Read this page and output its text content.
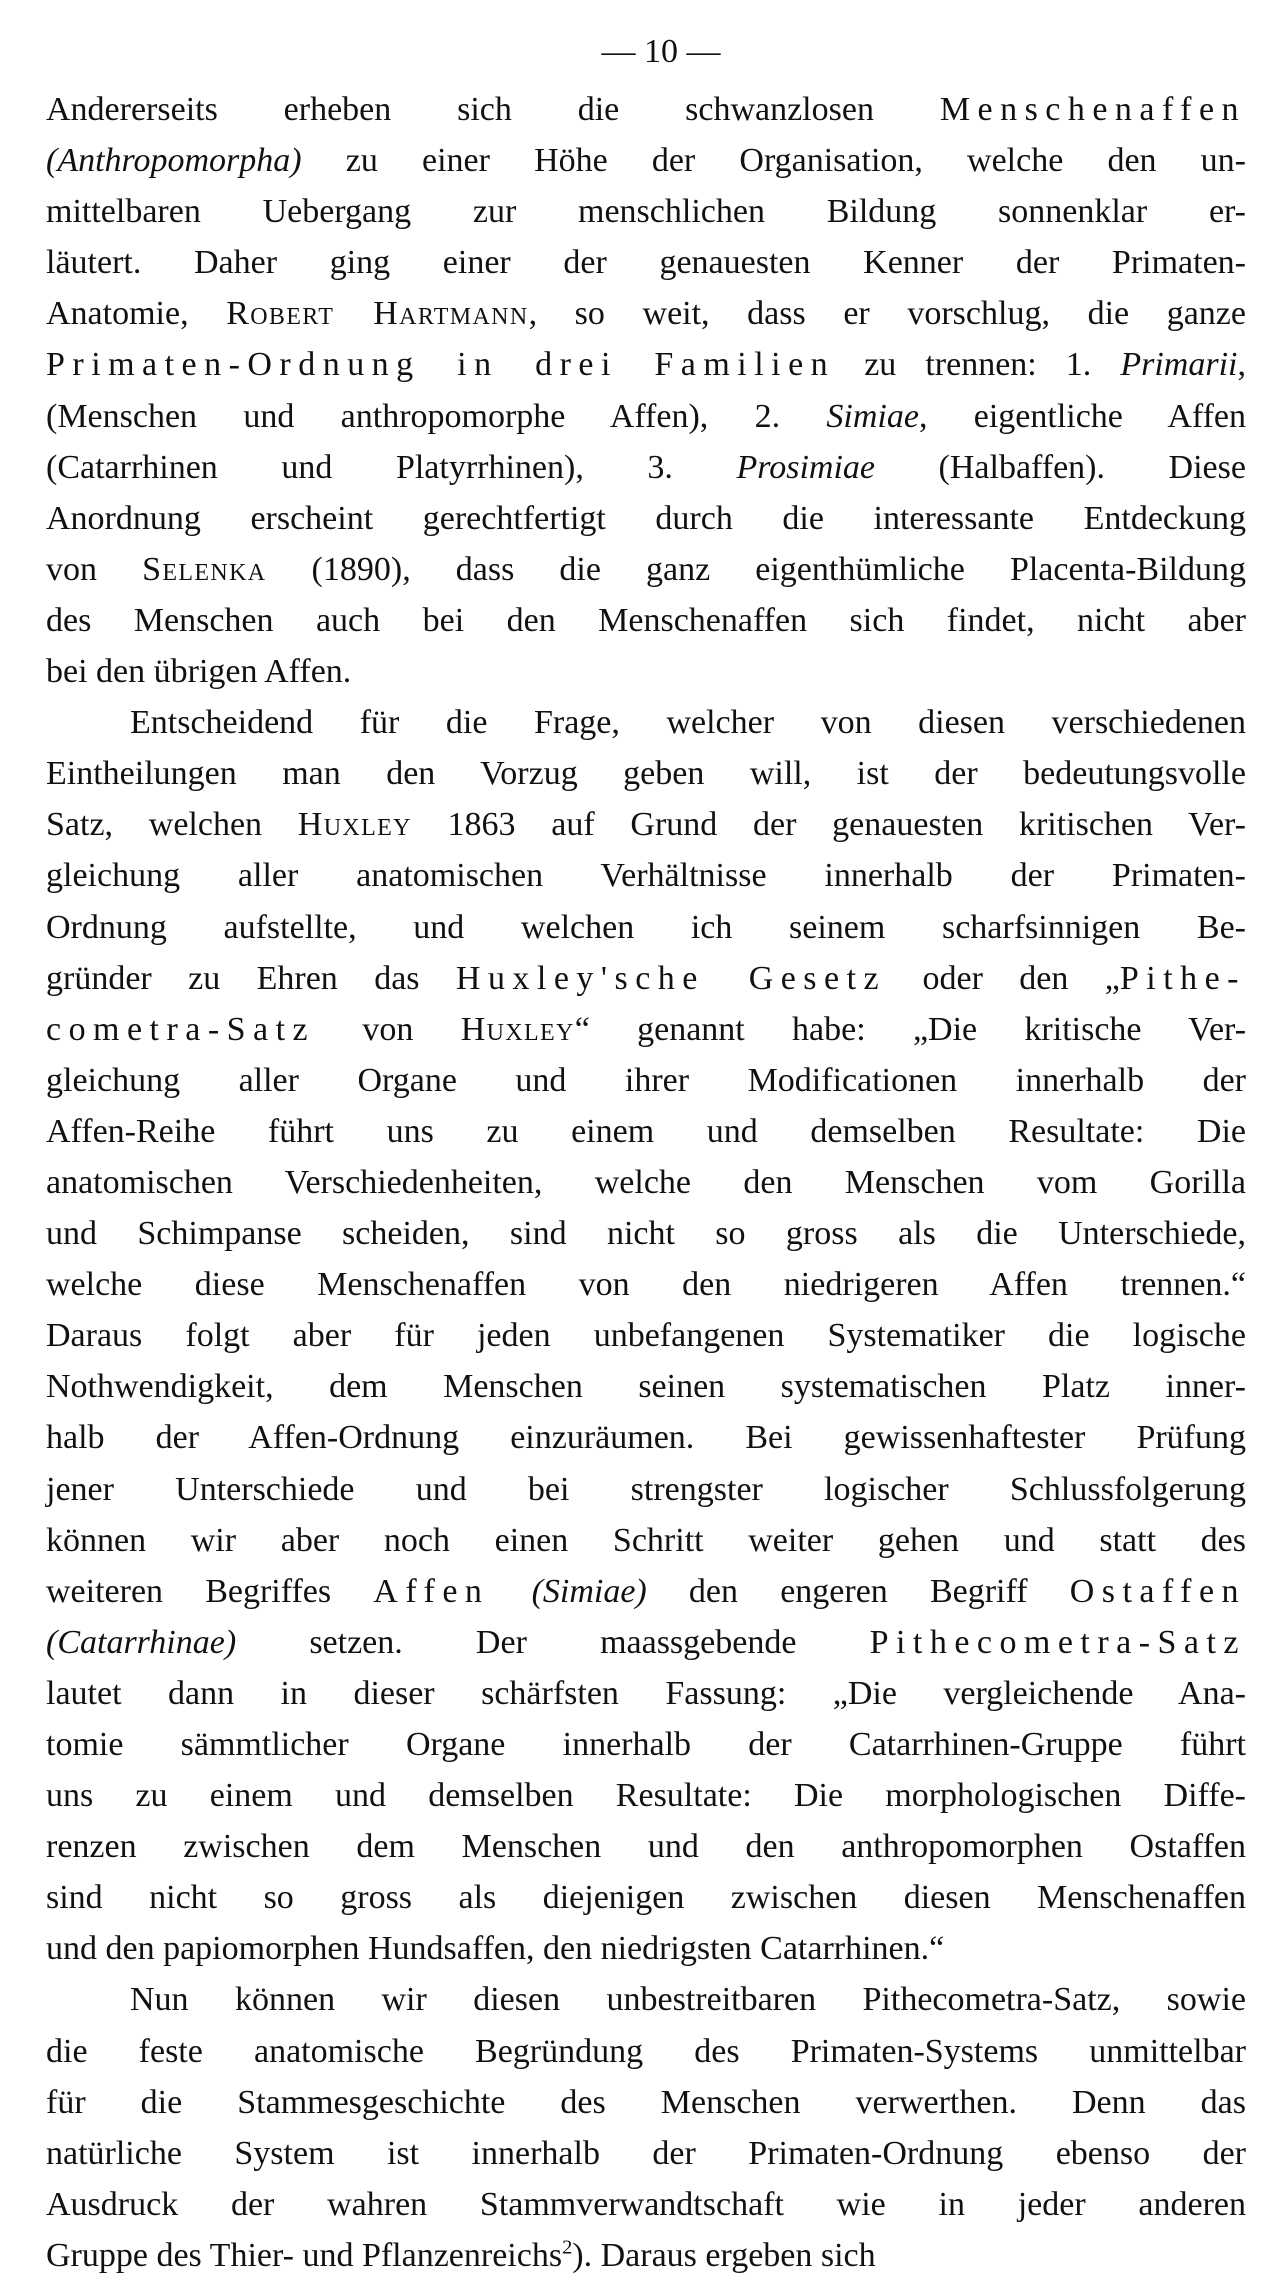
— 10 —
Andererseits erheben sich die schwanzlosen Menschenaffen
(Anthropomorpha) zu einer Höhe der Organisation, welche den un-
mittelbaren Uebergang zur menschlichen Bildung sonnenklar er-
läutert. Daher ging einer der genauesten Kenner der Primaten-
Anatomie, Robert Hartmann, so weit, dass er vorschlug, die ganze
Primaten-Ordnung in drei Familien zu trennen: 1. Primarii,
(Menschen und anthropomorphe Affen), 2. Simiae, eigentliche Affen
(Catarrhinen und Platyrrhinen), 3. Prosimiae (Halbaffen). Diese
Anordnung erscheint gerechtfertigt durch die interessante Entdeckung
von Selenka (1890), dass die ganz eigenthümliche Placenta-Bildung
des Menschen auch bei den Menschenaffen sich findet, nicht aber
bei den übrigen Affen.
Entscheidend für die Frage, welcher von diesen verschiedenen
Eintheilungen man den Vorzug geben will, ist der bedeutungsvolle
Satz, welchen Huxley 1863 auf Grund der genauesten kritischen Ver-
gleichung aller anatomischen Verhältnisse innerhalb der Primaten-
Ordnung aufstellte, und welchen ich seinem scharfsinnigen Be-
gründer zu Ehren das Huxley'sche Gesetz oder den „Pithe-
cometra-Satz von Huxley“ genannt habe: „Die kritische Ver-
gleichung aller Organe und ihrer Modificationen innerhalb der
Affen-Reihe führt uns zu einem und demselben Resultate: Die
anatomischen Verschiedenheiten, welche den Menschen vom Gorilla
und Schimpanse scheiden, sind nicht so gross als die Unterschiede,
welche diese Menschenaffen von den niedrigeren Affen trennen.“
Daraus folgt aber für jeden unbefangenen Systematiker die logische
Nothwendigkeit, dem Menschen seinen systematischen Platz inner-
halb der Affen-Ordnung einzuräumen. Bei gewissenhaftester Prüfung
jener Unterschiede und bei strengster logischer Schlussfolgerung
können wir aber noch einen Schritt weiter gehen und statt des
weiteren Begriffes Affen (Simiae) den engeren Begriff Ostaffen
(Catarrhinae) setzen. Der maassgebende Pithecometra-Satz
lautet dann in dieser schärfsten Fassung: „Die vergleichende Ana-
tomie sämmtlicher Organe innerhalb der Catarrhinen-Gruppe führt
uns zu einem und demselben Resultate: Die morphologischen Diffe-
renzen zwischen dem Menschen und den anthropomorphen Ostaffen
sind nicht so gross als diejenigen zwischen diesen Menschenaffen
und den papiomorphen Hundsaffen, den niedrigsten Catarrhinen.“
Nun können wir diesen unbestreitbaren Pithecometra-Satz, sowie
die feste anatomische Begründung des Primaten-Systems unmittelbar
für die Stammesgeschichte des Menschen verwerthen. Denn das
natürliche System ist innerhalb der Primaten-Ordnung ebenso der
Ausdruck der wahren Stammverwandtschaft wie in jeder anderen
Gruppe des Thier- und Pflanzenreichs$^2$). Daraus ergeben sich
